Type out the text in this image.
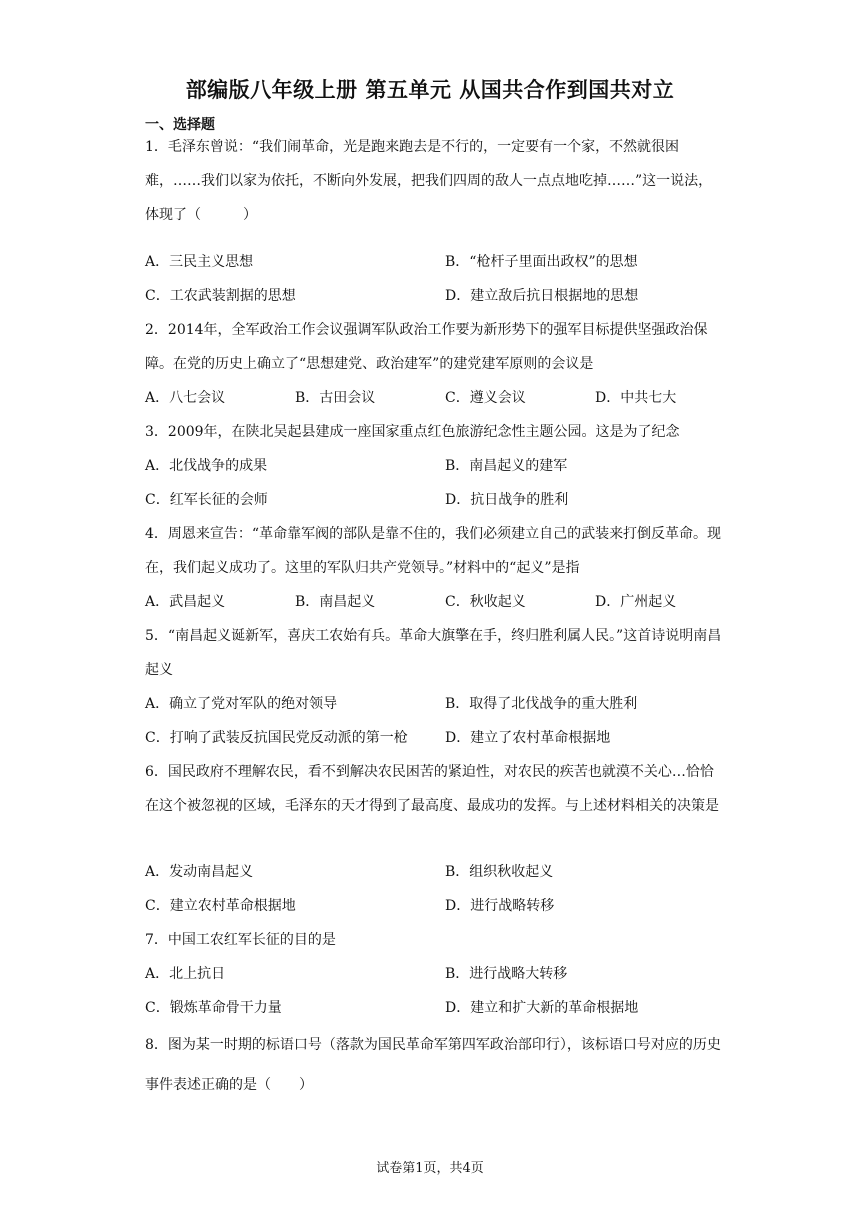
部编版八年级上册 第五单元 从国共合作到国共对立
一、选择题
1．毛泽东曾说：“我们闹革命，光是跑来跑去是不行的，一定要有一个家，不然就很困难，……我们以家为依托，不断向外发展，把我们四周的敌人一点点地吃掉……”这一说法，体现了（　　　）
A．三民主义思想	B．“枪杆子里面出政权”的思想
C．工农武装割据的思想	D．建立敌后抗日根据地的思想
2．2014年，全军政治工作会议强调军队政治工作要为新形势下的强军目标提供坚强政治保障。在党的历史上确立了“思想建党、政治建军”的建党建军原则的会议是
A．八七会议	B．古田会议	C．遵义会议	D．中共七大
3．2009年，在陕北吴起县建成一座国家重点红色旅游纪念性主题公园。这是为了纪念
A．北伐战争的成果	B．南昌起义的建军
C．红军长征的会师	D．抗日战争的胜利
4．周恩来宣告：“革命靠军阀的部队是靠不住的，我们必须建立自己的武装来打倒反革命。现在，我们起义成功了。这里的军队归共产党领导。”材料中的“起义”是指
A．武昌起义	B．南昌起义	C．秋收起义	D．广州起义
5．“南昌起义诞新军，喜庆工农始有兵。革命大旗擎在手，终归胜利属人民。”这首诗说明南昌起义
A．确立了党对军队的绝对领导	B．取得了北伐战争的重大胜利
C．打响了武装反抗国民党反动派的第一枪	D．建立了农村革命根据地
6．国民政府不理解农民，看不到解决农民困苦的紧迫性，对农民的疾苦也就漠不关心…恰恰在这个被忽视的区域，毛泽东的天才得到了最高度、最成功的发挥。与上述材料相关的决策是
A．发动南昌起义	B．组织秋收起义
C．建立农村革命根据地	D．进行战略转移
7．中国工农红军长征的目的是
A．北上抗日	B．进行战略大转移
C．锻炼革命骨干力量	D．建立和扩大新的革命根据地
8．图为某一时期的标语口号（落款为国民革命军第四军政治部印行），该标语口号对应的历史事件表述正确的是（　　）
试卷第1页，共4页
